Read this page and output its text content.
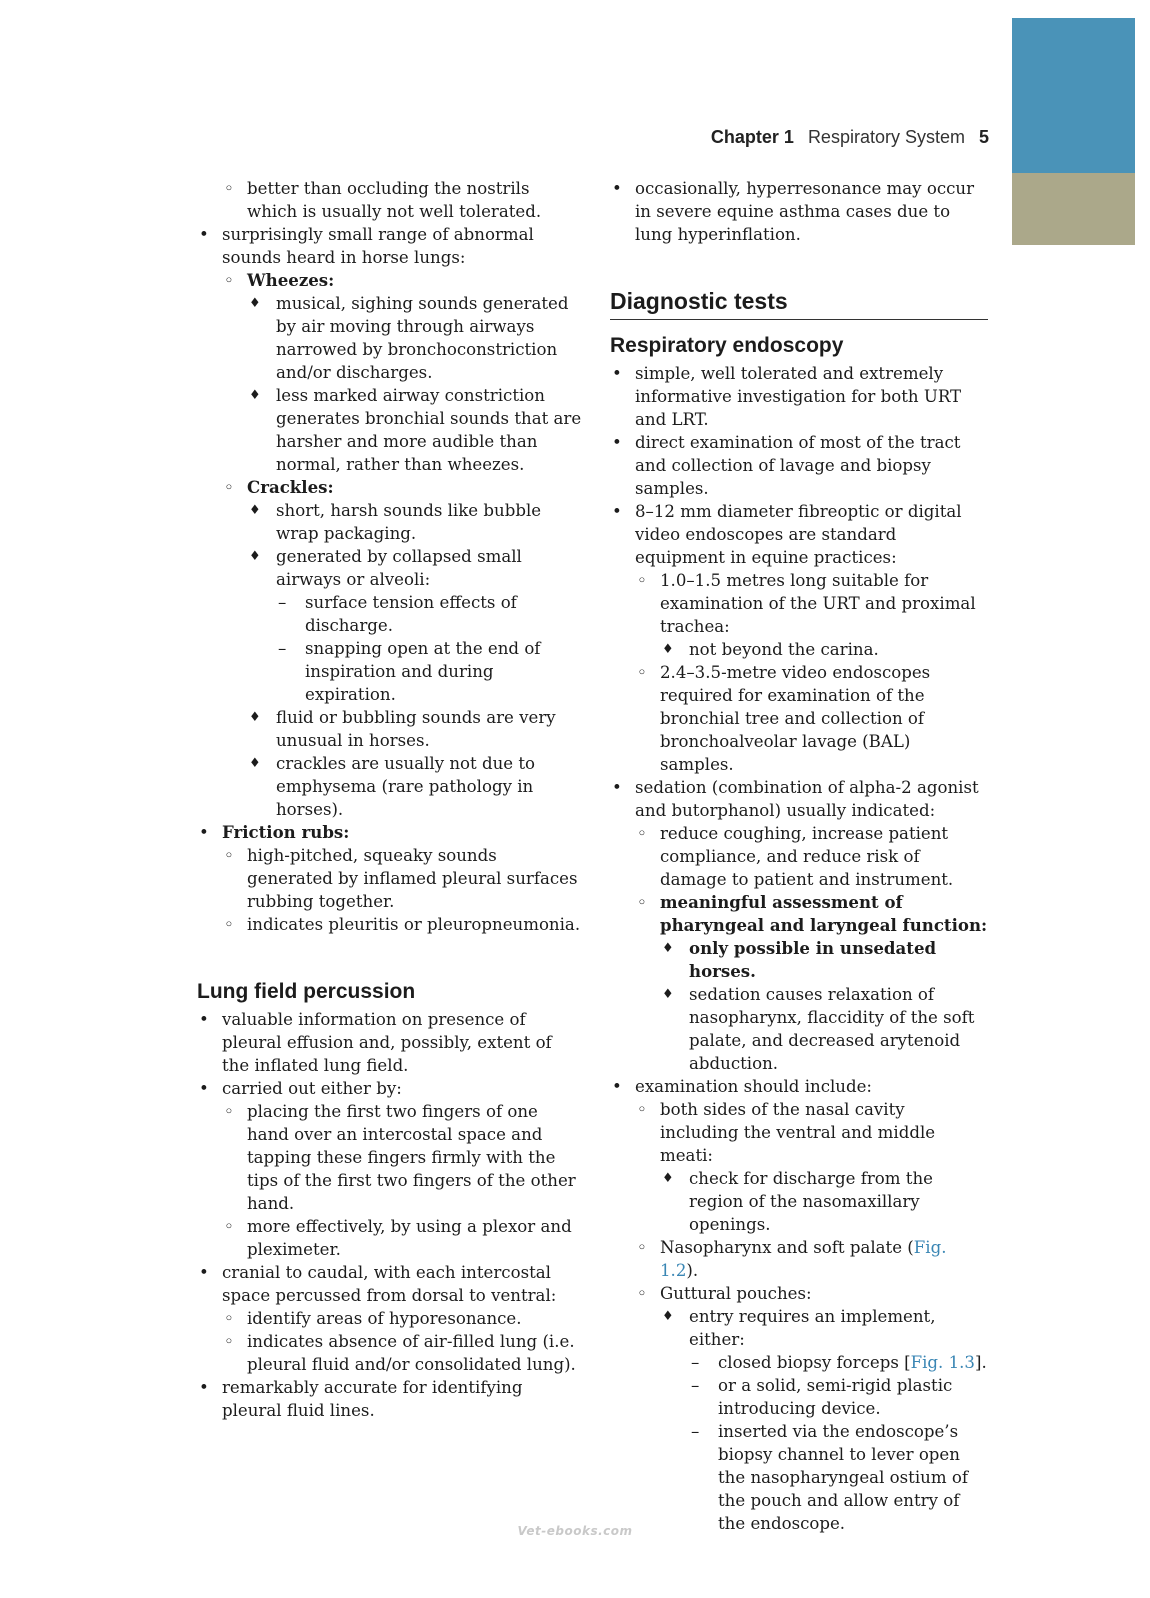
Chapter 1 Respiratory System 5
◦ better than occluding the nostrils which is usually not well tolerated.
• surprisingly small range of abnormal sounds heard in horse lungs:
◦ Wheezes:
♦ musical, sighing sounds generated by air moving through airways narrowed by bronchoconstriction and/or discharges.
♦ less marked airway constriction generates bronchial sounds that are harsher and more audible than normal, rather than wheezes.
◦ Crackles:
♦ short, harsh sounds like bubble wrap packaging.
♦ generated by collapsed small airways or alveoli:
– surface tension effects of discharge.
– snapping open at the end of inspiration and during expiration.
♦ fluid or bubbling sounds are very unusual in horses.
♦ crackles are usually not due to emphysema (rare pathology in horses).
• Friction rubs:
◦ high-pitched, squeaky sounds generated by inflamed pleural surfaces rubbing together.
◦ indicates pleuritis or pleuropneumonia.
Lung field percussion
• valuable information on presence of pleural effusion and, possibly, extent of the inflated lung field.
• carried out either by:
◦ placing the first two fingers of one hand over an intercostal space and tapping these fingers firmly with the tips of the first two fingers of the other hand.
◦ more effectively, by using a plexor and pleximeter.
• cranial to caudal, with each intercostal space percussed from dorsal to ventral:
◦ identify areas of hyporesonance.
◦ indicates absence of air-filled lung (i.e. pleural fluid and/or consolidated lung).
• remarkably accurate for identifying pleural fluid lines.
• occasionally, hyperresonance may occur in severe equine asthma cases due to lung hyperinflation.
Diagnostic tests
Respiratory endoscopy
• simple, well tolerated and extremely informative investigation for both URT and LRT.
• direct examination of most of the tract and collection of lavage and biopsy samples.
• 8–12 mm diameter fibreoptic or digital video endoscopes are standard equipment in equine practices:
◦ 1.0–1.5 metres long suitable for examination of the URT and proximal trachea:
♦ not beyond the carina.
◦ 2.4–3.5-metre video endoscopes required for examination of the bronchial tree and collection of bronchoalveolar lavage (BAL) samples.
• sedation (combination of alpha-2 agonist and butorphanol) usually indicated:
◦ reduce coughing, increase patient compliance, and reduce risk of damage to patient and instrument.
◦ meaningful assessment of pharyngeal and laryngeal function:
♦ only possible in unsedated horses.
♦ sedation causes relaxation of nasopharynx, flaccidity of the soft palate, and decreased arytenoid abduction.
• examination should include:
◦ both sides of the nasal cavity including the ventral and middle meati:
♦ check for discharge from the region of the nasomaxillary openings.
◦ Nasopharynx and soft palate (Fig. 1.2).
◦ Guttural pouches:
♦ entry requires an implement, either:
– closed biopsy forceps [Fig. 1.3].
– or a solid, semi-rigid plastic introducing device.
– inserted via the endoscope’s biopsy channel to lever open the nasopharyngeal ostium of the pouch and allow entry of the endoscope.
Vet-ebooks.com
